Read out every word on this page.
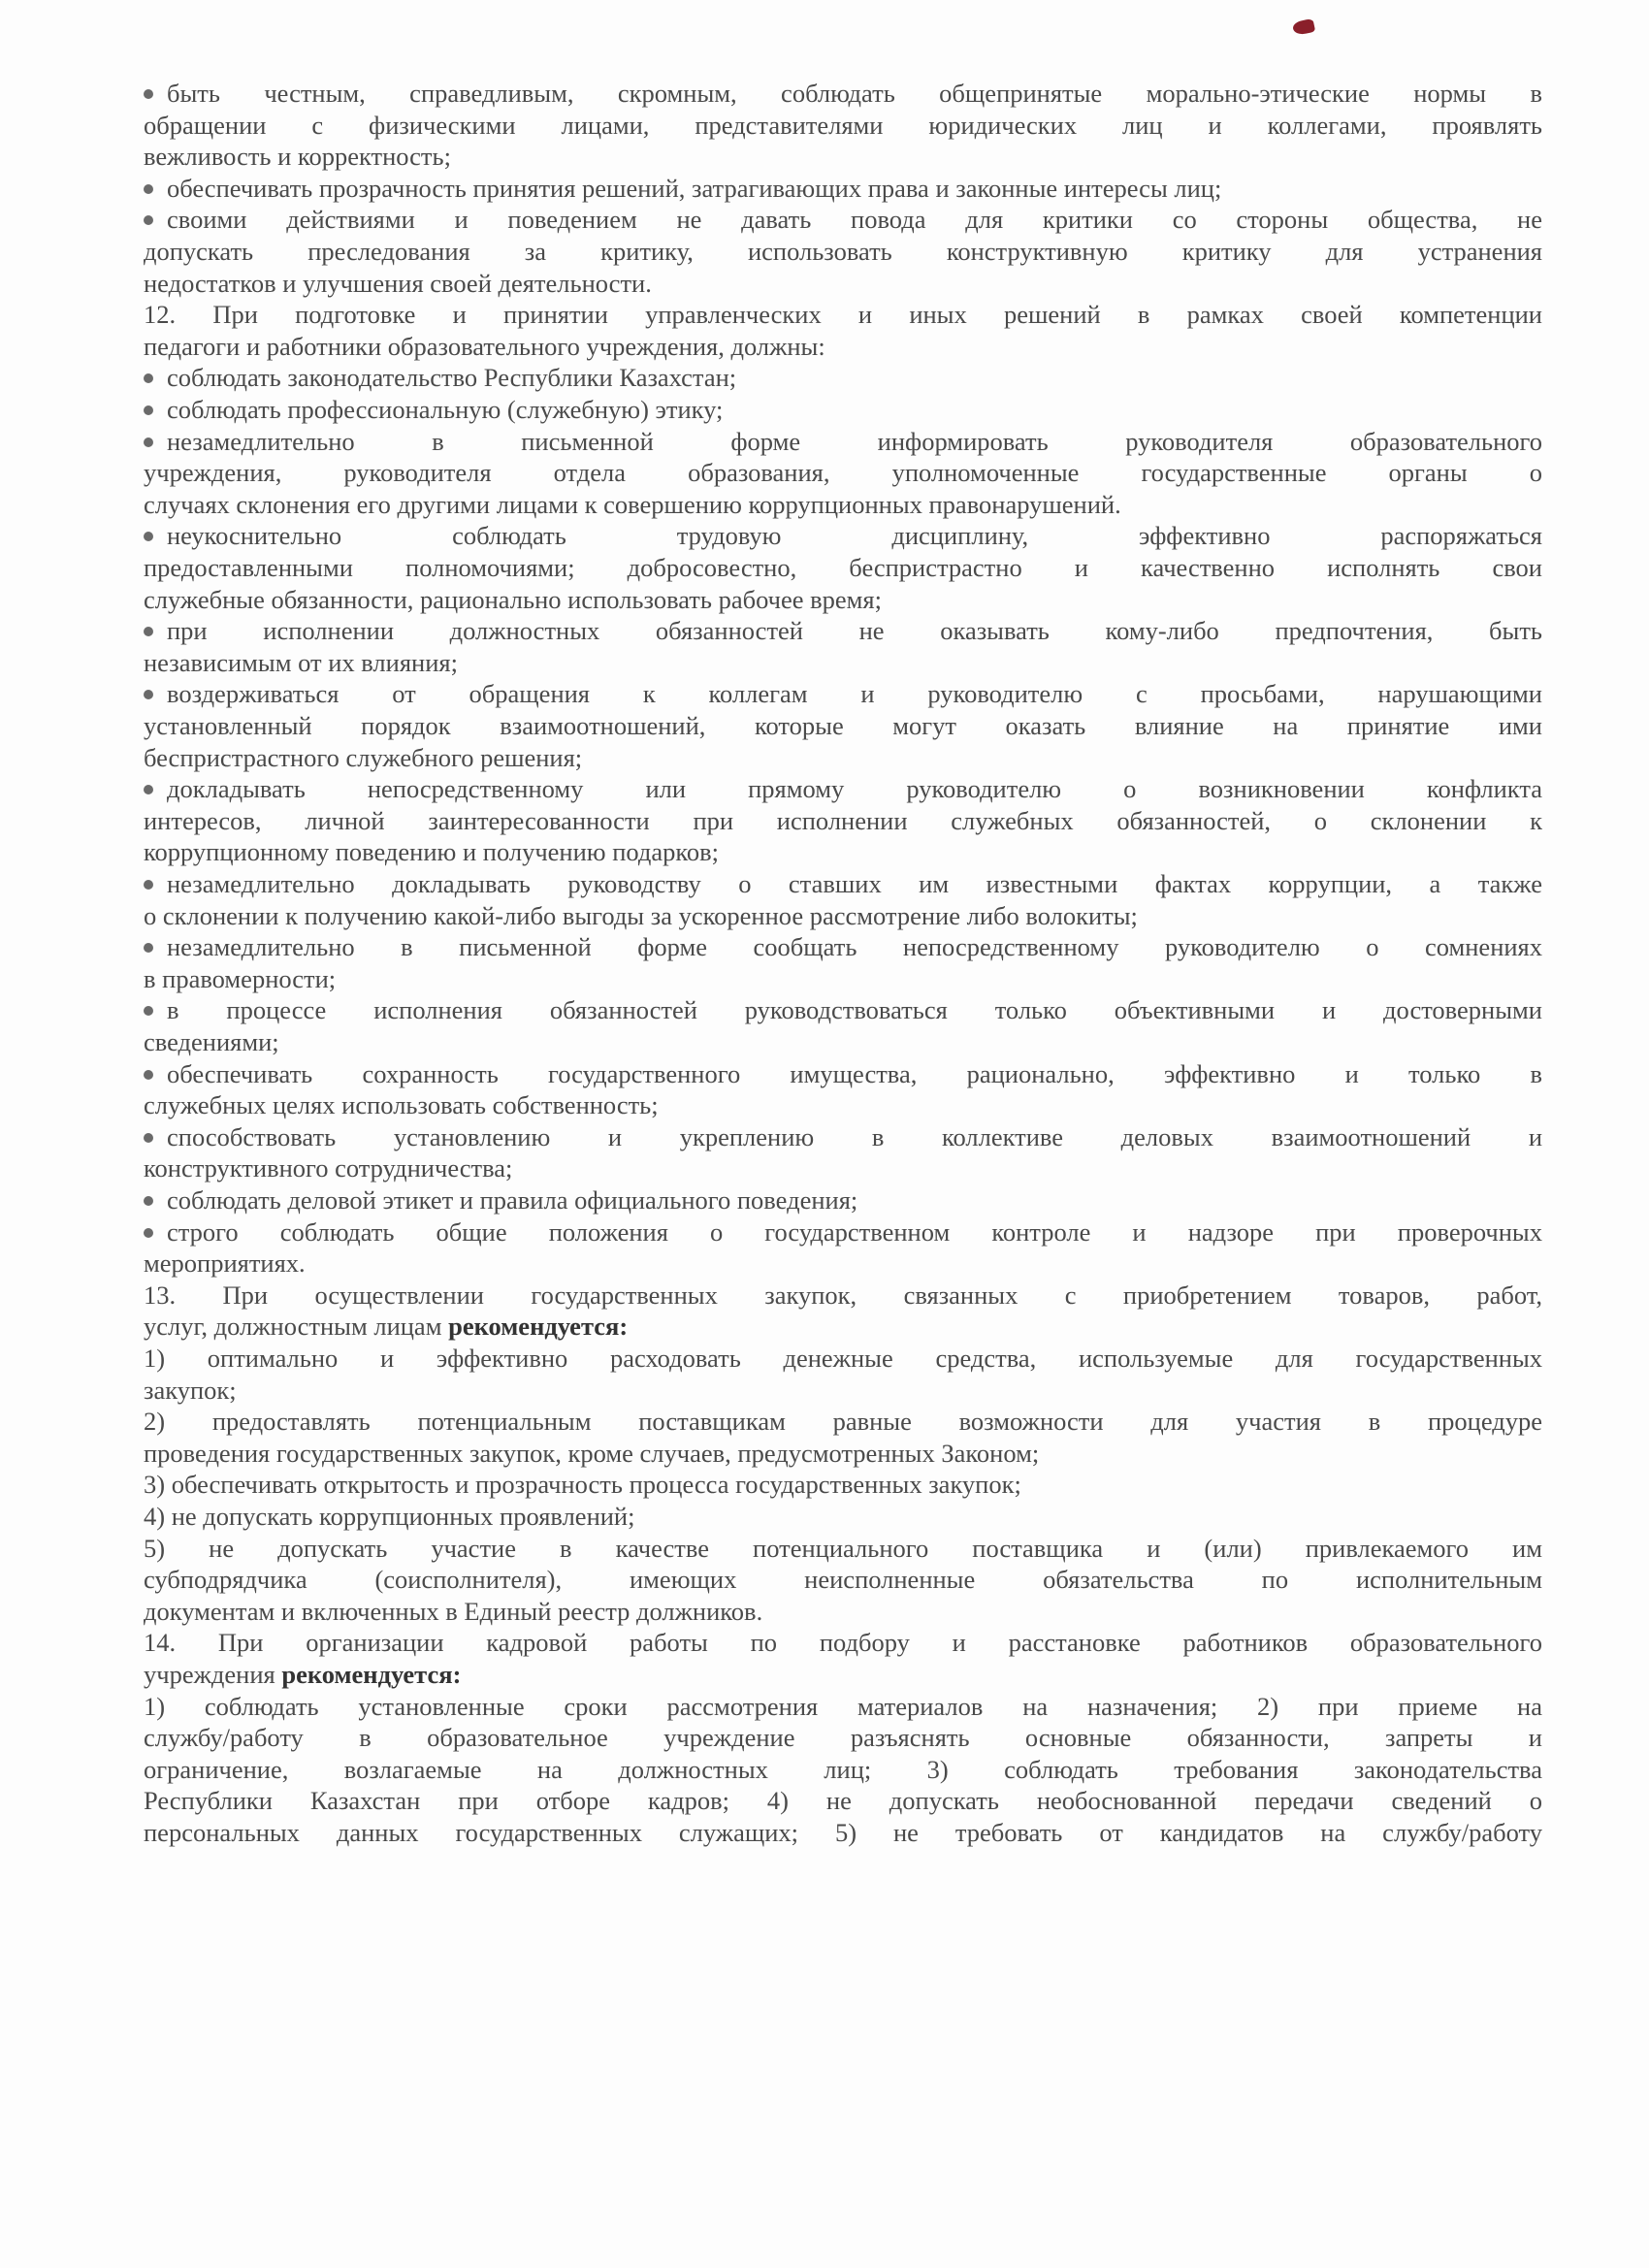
быть честным, справедливым, скромным, соблюдать общепринятые морально-этические нормы в
обращении с физическими лицами, представителями юридических лиц и коллегами, проявлять
вежливость и корректность;
обеспечивать прозрачность принятия решений, затрагивающих права и законные интересы лиц;
своими действиями и поведением не давать повода для критики со стороны общества, не
допускать преследования за критику, использовать конструктивную критику для устранения
недостатков и улучшения своей деятельности.
12. При подготовке и принятии управленческих и иных решений в рамках своей компетенции
педагоги и работники образовательного учреждения, должны:
соблюдать законодательство Республики Казахстан;
соблюдать профессиональную (служебную) этику;
незамедлительно в письменной форме информировать руководителя образовательного
учреждения, руководителя отдела образования, уполномоченные государственные органы о
случаях склонения его другими лицами к совершению коррупционных правонарушений.
неукоснительно соблюдать трудовую дисциплину, эффективно распоряжаться
предоставленными полномочиями; добросовестно, беспристрастно и качественно исполнять свои
служебные обязанности, рационально использовать рабочее время;
при исполнении должностных обязанностей не оказывать кому-либо предпочтения, быть
независимым от их влияния;
воздерживаться от обращения к коллегам и руководителю с просьбами, нарушающими
установленный порядок взаимоотношений, которые могут оказать влияние на принятие ими
беспристрастного служебного решения;
докладывать непосредственному или прямому руководителю о возникновении конфликта
интересов, личной заинтересованности при исполнении служебных обязанностей, о склонении к
коррупционному поведению и получению подарков;
незамедлительно докладывать руководству о ставших им известными фактах коррупции, а также
о склонении к получению какой-либо выгоды за ускоренное рассмотрение либо волокиты;
незамедлительно в письменной форме сообщать непосредственному руководителю о сомнениях
в правомерности;
в процессе исполнения обязанностей руководствоваться только объективными и достоверными
сведениями;
обеспечивать сохранность государственного имущества, рационально, эффективно и только в
служебных целях использовать собственность;
способствовать установлению и укреплению в коллективе деловых взаимоотношений и
конструктивного сотрудничества;
соблюдать деловой этикет и правила официального поведения;
строго соблюдать общие положения о государственном контроле и надзоре при проверочных
мероприятиях.
13. При осуществлении государственных закупок, связанных с приобретением товаров, работ,
услуг, должностным лицам рекомендуется:
1) оптимально и эффективно расходовать денежные средства, используемые для государственных
закупок;
2) предоставлять потенциальным поставщикам равные возможности для участия в процедуре
проведения государственных закупок, кроме случаев, предусмотренных Законом;
3) обеспечивать открытость и прозрачность процесса государственных закупок;
4) не допускать коррупционных проявлений;
5) не допускать участие в качестве потенциального поставщика и (или) привлекаемого им
субподрядчика (соисполнителя), имеющих неисполненные обязательства по исполнительным
документам и включенных в Единый реестр должников.
14. При организации кадровой работы по подбору и расстановке работников образовательного
учреждения рекомендуется:
1) соблюдать установленные сроки рассмотрения материалов на назначения; 2) при приеме на
службу/работу в образовательное учреждение разъяснять основные обязанности, запреты и
ограничение, возлагаемые на должностных лиц; 3) соблюдать требования законодательства
Республики Казахстан при отборе кадров; 4) не допускать необоснованной передачи сведений о
персональных данных государственных служащих; 5) не требовать от кандидатов на службу/работу
